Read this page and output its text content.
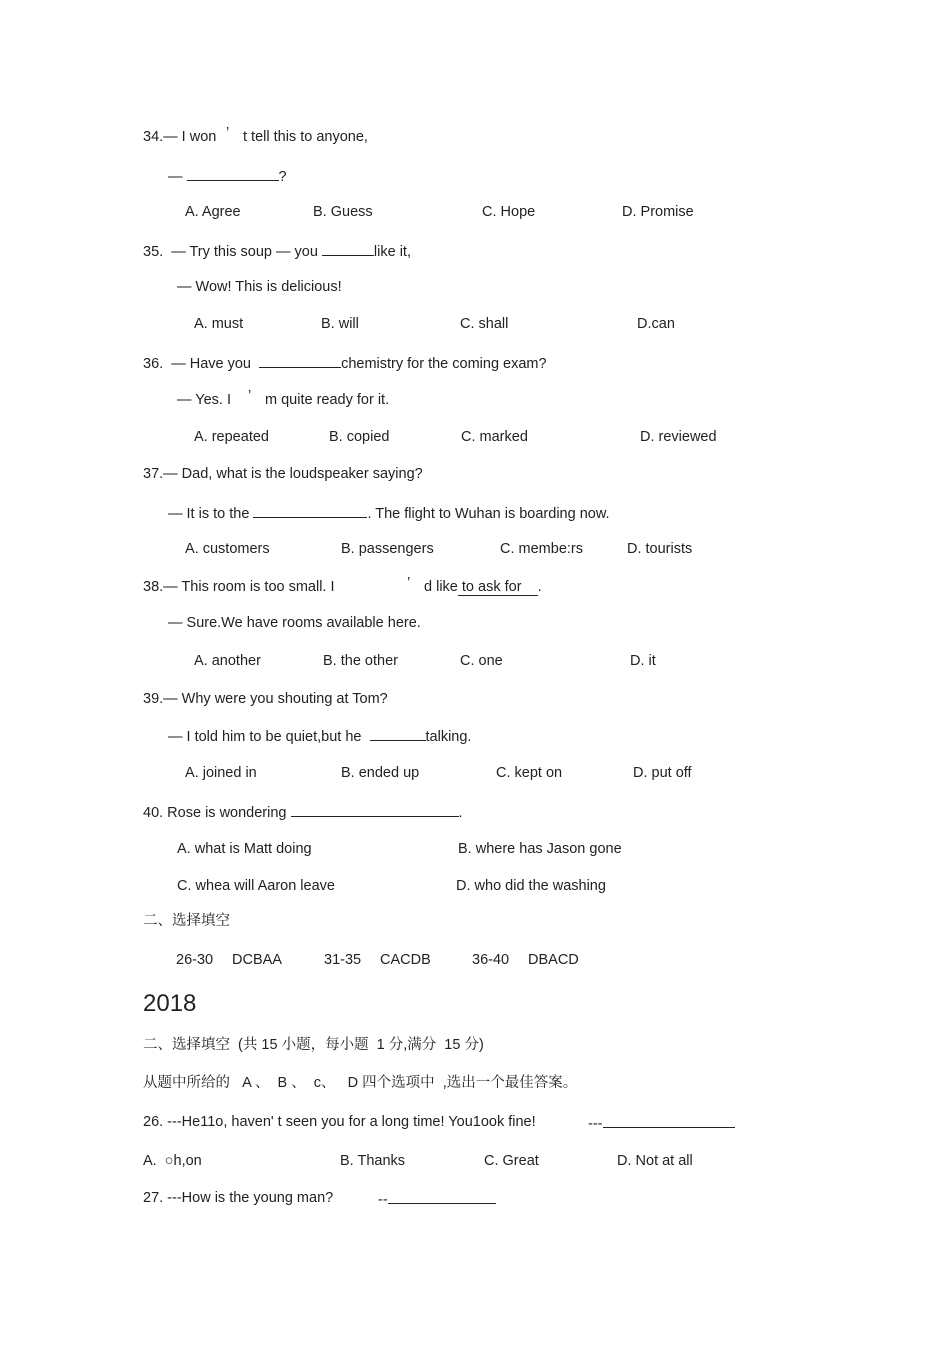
34.— I won ’ t tell this to anyone,
—	?
A. Agree	B. Guess	C. Hope	D. Promise
35.  — Try this soup — you	like it,
— Wow! This is delicious!
A. must	B. will	C. shall	D.can
36.  — Have you	chemistry for the coming exam?
— Yes. I ’ m quite ready for it.
A. repeated	B. copied	C. marked	D. reviewed
37.— Dad, what is the loudspeaker saying?
— It is to the	. The flight to Wuhan is boarding now.
A. customers	B. passengers	C. membe:rs	D. tourists
38.— This room is too small. I	’ d like to ask for .
— Sure.We have rooms available here.
A. another	B. the other	C. one	D. it
39.— Why were you shouting at Tom?
— I told him to be quiet,but he	talking.
A. joined in	B. ended up	C. kept on	D. put off
40. Rose is wondering	.
A. what is Matt doing	B. where has Jason gone
C. whea will Aaron leave	D. who did the washing
二、选择填空
26-30 DCBAA	31-35 CACDB	36-40 DBACD
2018
二、选择填空  (共 15 小题，每小题  1 分,满分  15 分)
从题中所给的   A 、  B 、  c、   D 四个选项中  ,选出一个最佳答案。
26. ---He11o, haven' t seen you for a long time! You1ook fine!	---
A.  ○h,on	B. Thanks	C. Great	D. Not at all
27. ---How is the young man?	--
